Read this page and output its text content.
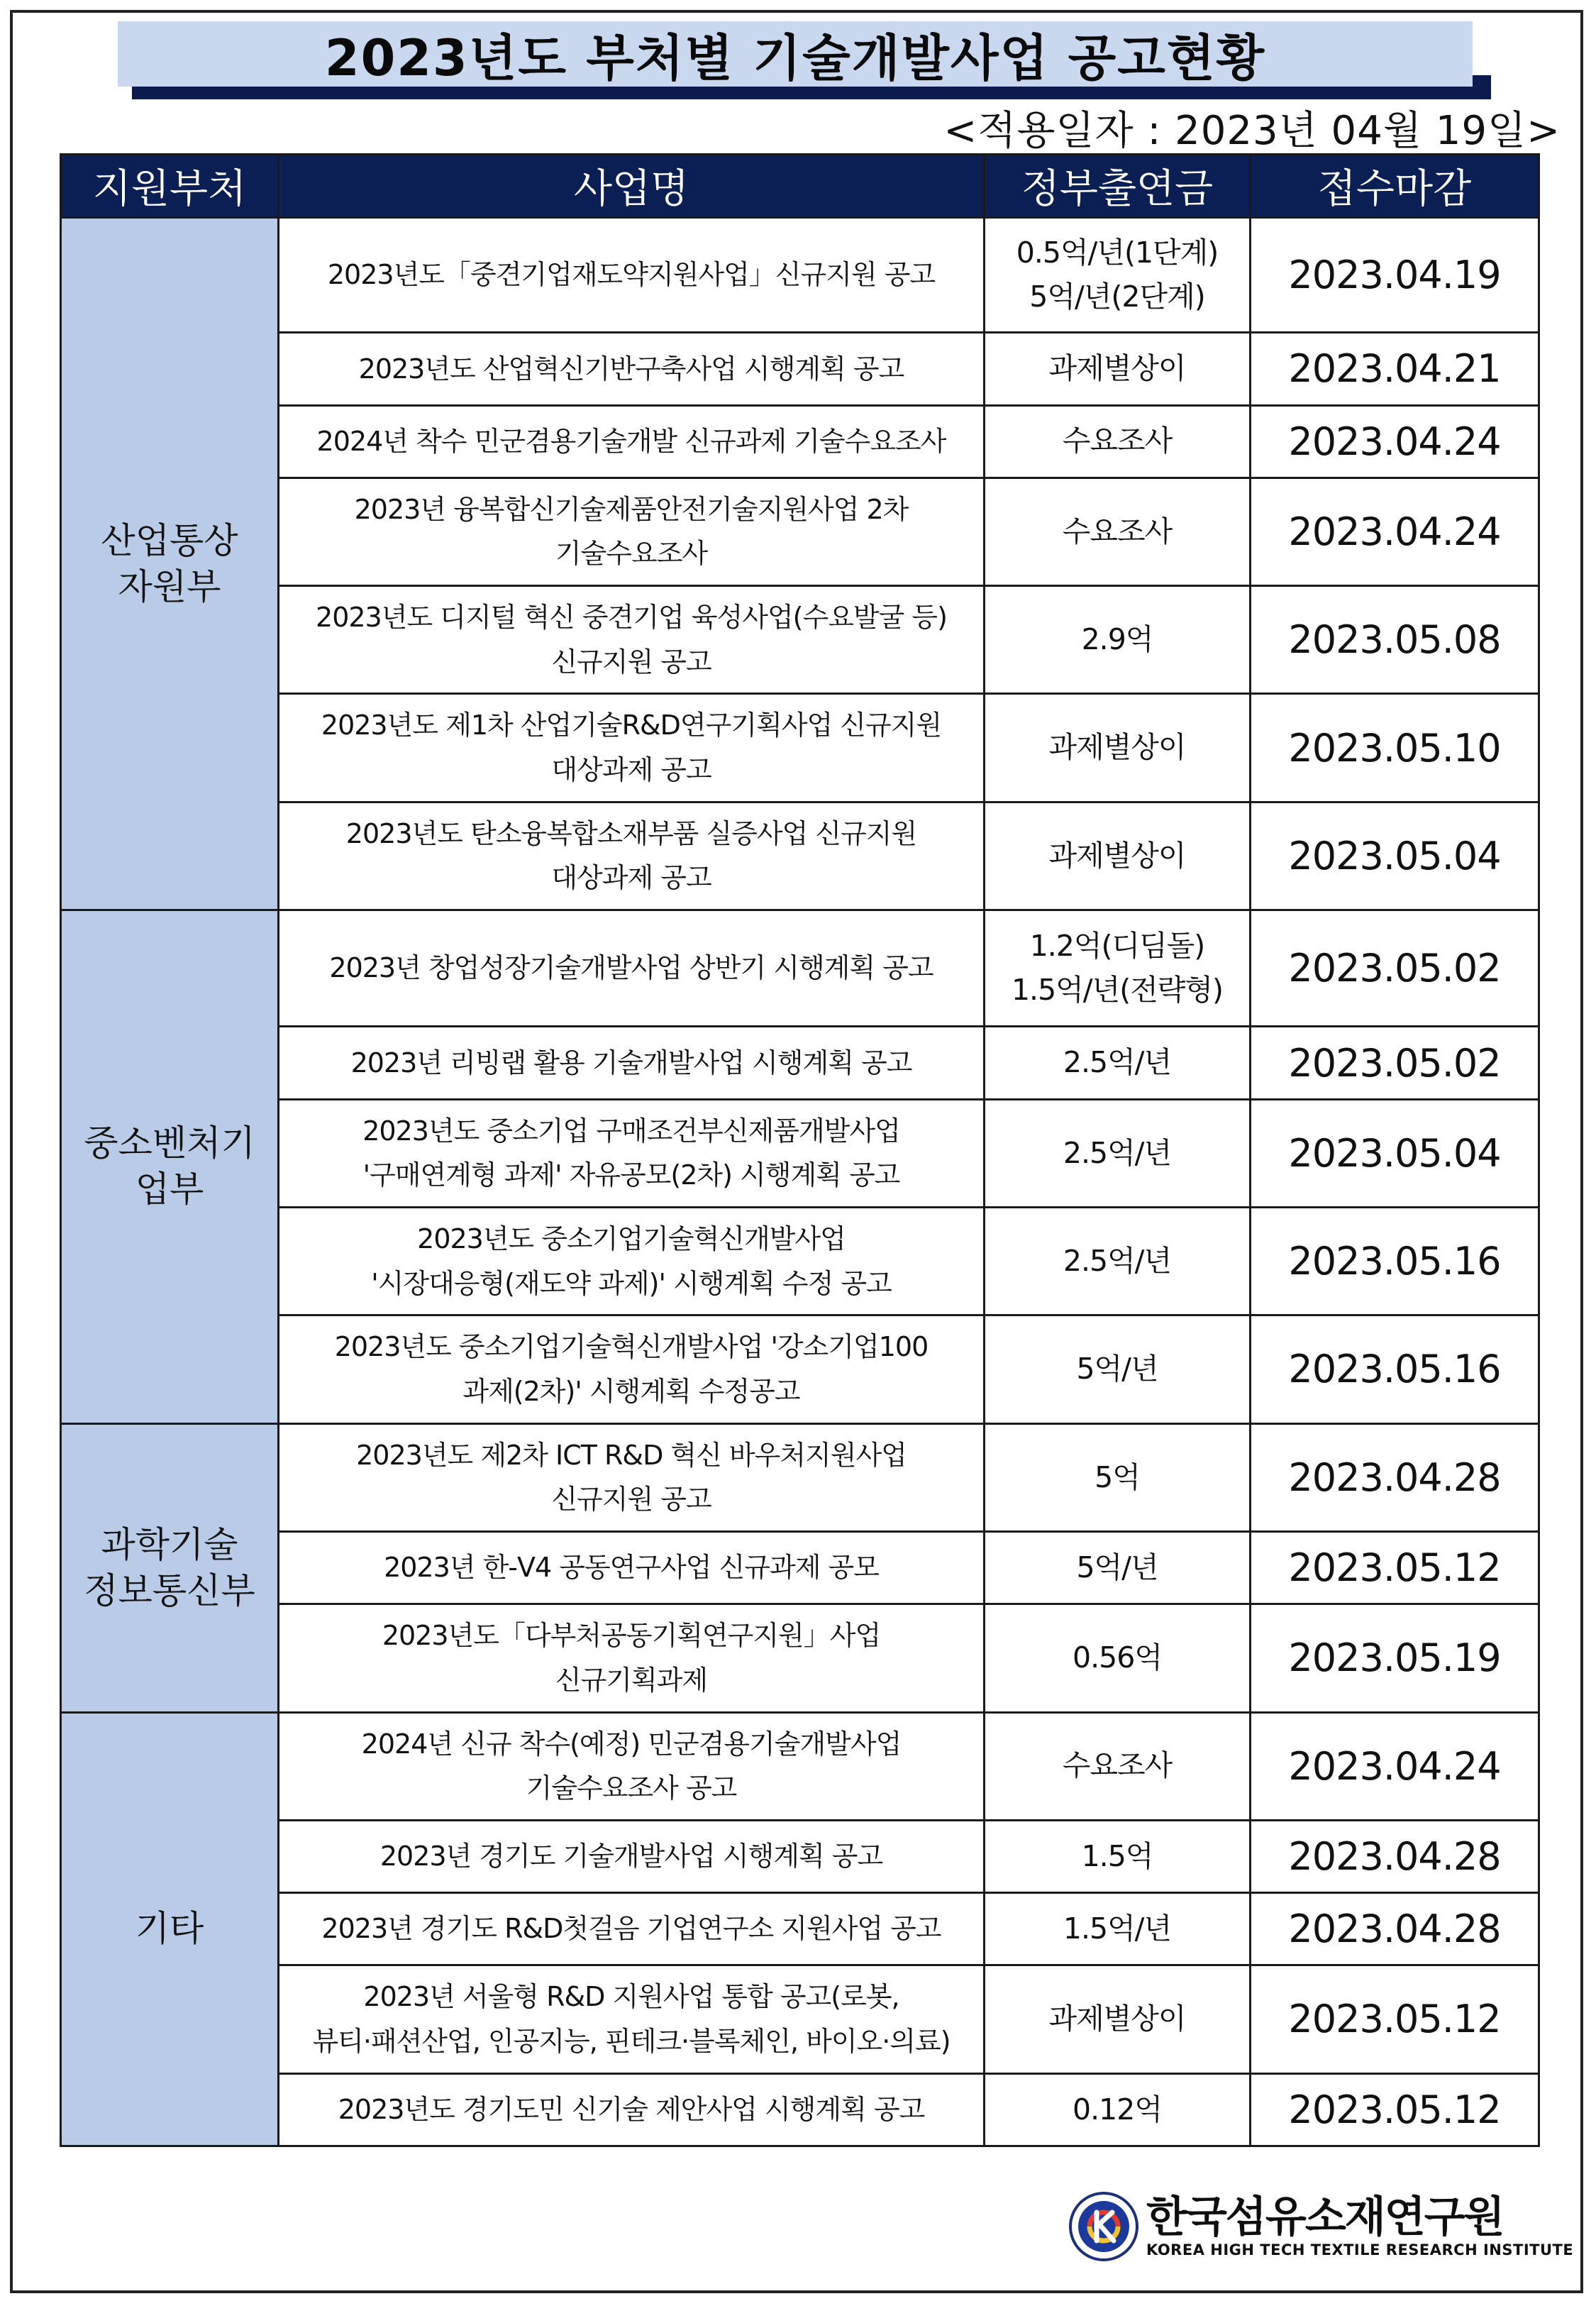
2023년도 부처별 기술개발사업 공고현황
<적용일자 : 2023년 04월 19일>
지원부처	사업명	정부출연금	접수마감

산업통상
자원부	2023년도「중견기업재도약지원사업」신규지원 공고	0.5억/년(1단계)
5억/년(2단계)	2023.04.19

	2023년도 산업혁신기반구축사업 시행계획 공고	과제별상이	2023.04.21

	2024년 착수 민군겸용기술개발 신규과제 기술수요조사	수요조사	2023.04.24

	2023년 융복합신기술제품안전기술지원사업 2차
기술수요조사	수요조사	2023.04.24

	2023년도 디지털 혁신 중견기업 육성사업(수요발굴 등)
신규지원 공고	2.9억	2023.05.08

	2023년도 제1차 산업기술R&D연구기획사업 신규지원
대상과제 공고	과제별상이	2023.05.10

	2023년도 탄소융복합소재부품 실증사업 신규지원
대상과제 공고	과제별상이	2023.05.04

중소벤처기
업부	2023년 창업성장기술개발사업 상반기 시행계획 공고	1.2억(디딤돌)
1.5억/년(전략형)	2023.05.02

	2023년 리빙랩 활용 기술개발사업 시행계획 공고	2.5억/년	2023.05.02

	2023년도 중소기업 구매조건부신제품개발사업
'구매연계형 과제' 자유공모(2차) 시행계획 공고	2.5억/년	2023.05.04

	2023년도 중소기업기술혁신개발사업
'시장대응형(재도약 과제)' 시행계획 수정 공고	2.5억/년	2023.05.16

	2023년도 중소기업기술혁신개발사업 '강소기업100
과제(2차)' 시행계획 수정공고	5억/년	2023.05.16

과학기술
정보통신부	2023년도 제2차 ICT R&D 혁신 바우처지원사업
신규지원 공고	5억	2023.04.28

	2023년 한-V4 공동연구사업 신규과제 공모	5억/년	2023.05.12

	2023년도「다부처공동기획연구지원」사업
신규기획과제	0.56억	2023.05.19

기타	2024년 신규 착수(예정) 민군겸용기술개발사업
기술수요조사 공고	수요조사	2023.04.24

	2023년 경기도 기술개발사업 시행계획 공고	1.5억	2023.04.28

	2023년 경기도 R&D첫걸음 기업연구소 지원사업 공고	1.5억/년	2023.04.28

	2023년 서울형 R&D 지원사업 통합 공고(로봇,
뷰티·패션산업, 인공지능, 핀테크·블록체인, 바이오·의료)	과제별상이	2023.05.12

	2023년도 경기도민 신기술 제안사업 시행계획 공고	0.12억	2023.05.12
한국섬유소재연구원
KOREA HIGH TECH TEXTILE RESEARCH INSTITUTE
